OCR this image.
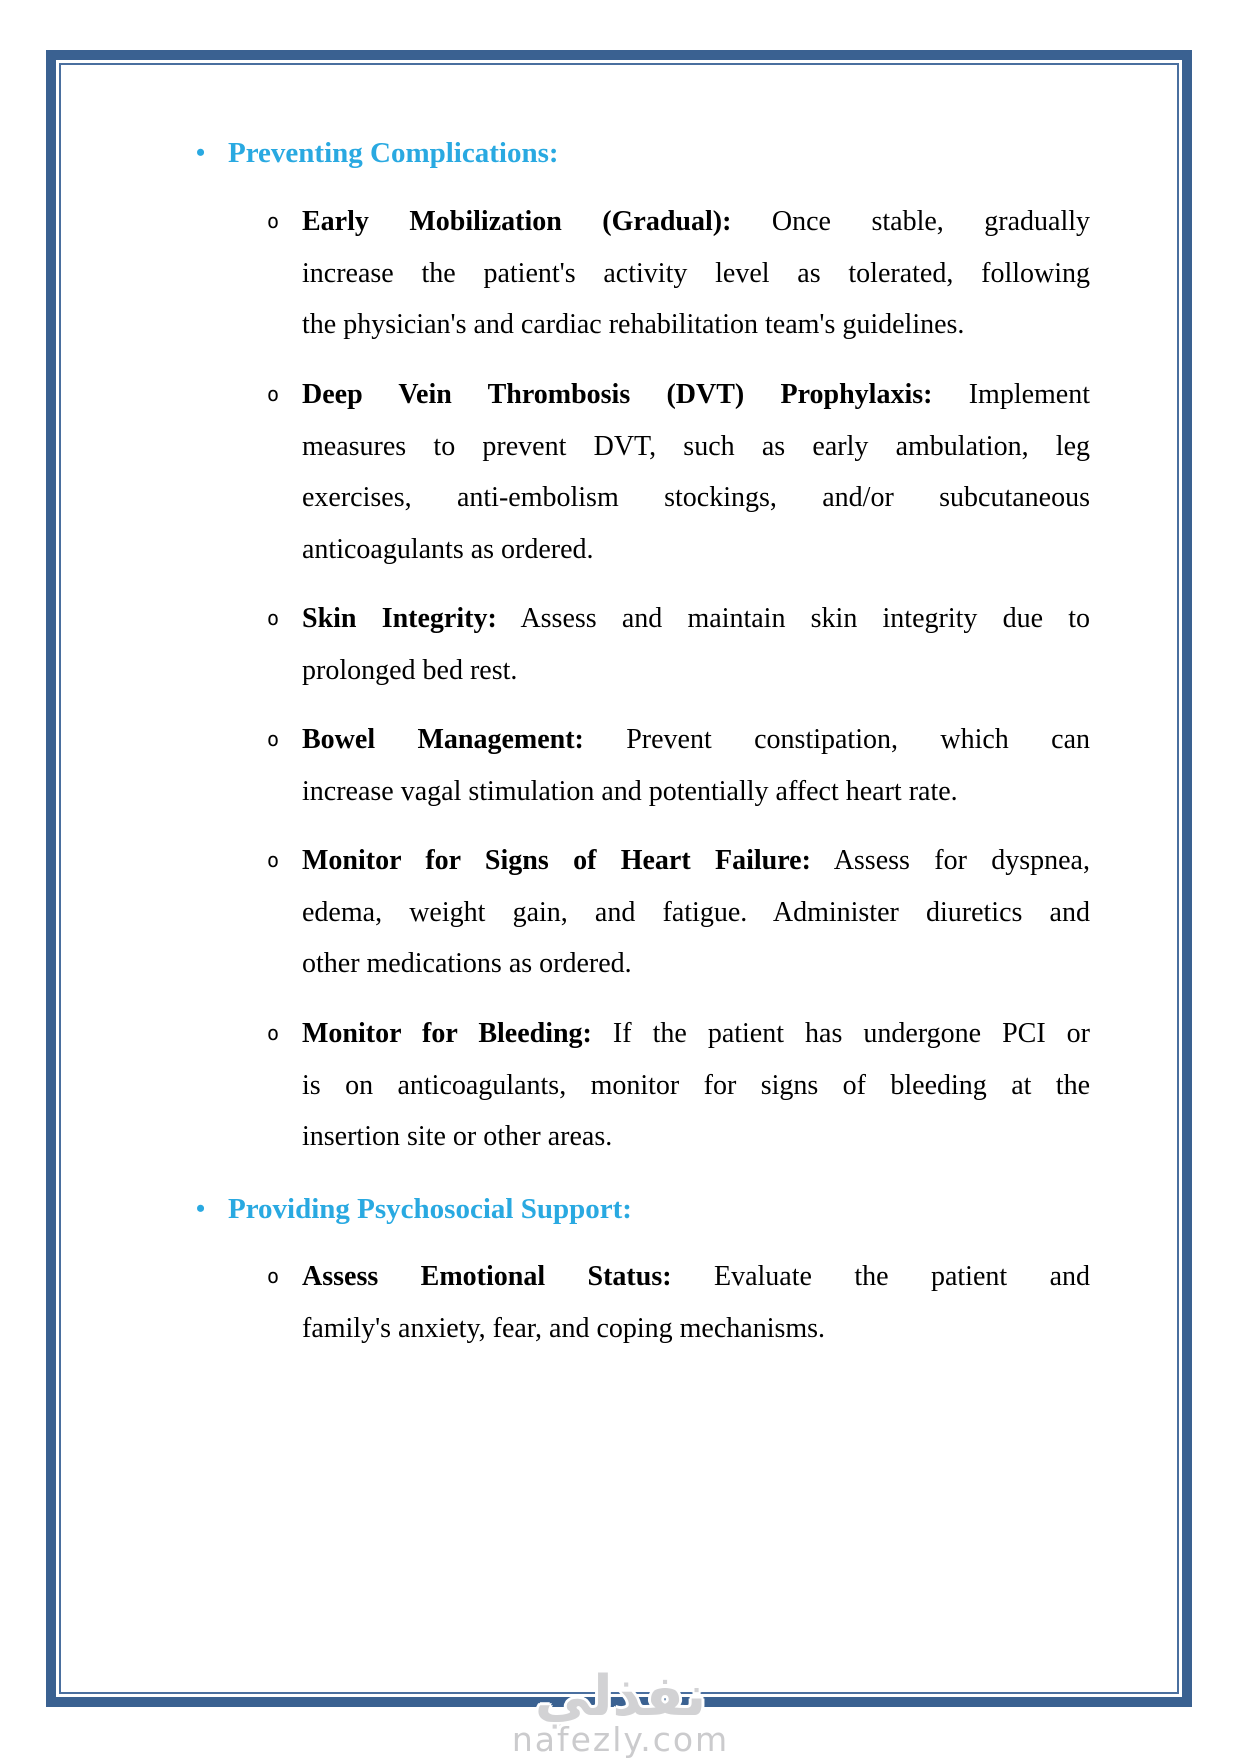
• Preventing Complications:
o Early Mobilization (Gradual): Once stable, gradually
increase the patient's activity level as tolerated, following
the physician's and cardiac rehabilitation team's guidelines.
o Deep Vein Thrombosis (DVT) Prophylaxis: Implement
measures to prevent DVT, such as early ambulation, leg
exercises, anti-embolism stockings, and/or subcutaneous
anticoagulants as ordered.
o Skin Integrity: Assess and maintain skin integrity due to
prolonged bed rest.
o Bowel Management: Prevent constipation, which can
increase vagal stimulation and potentially affect heart rate.
o Monitor for Signs of Heart Failure: Assess for dyspnea,
edema, weight gain, and fatigue. Administer diuretics and
other medications as ordered.
o Monitor for Bleeding: If the patient has undergone PCI or
is on anticoagulants, monitor for signs of bleeding at the
insertion site or other areas.
• Providing Psychosocial Support:
o Assess Emotional Status: Evaluate the patient and
family's anxiety, fear, and coping mechanisms.
نفذلي
nafezly.com
